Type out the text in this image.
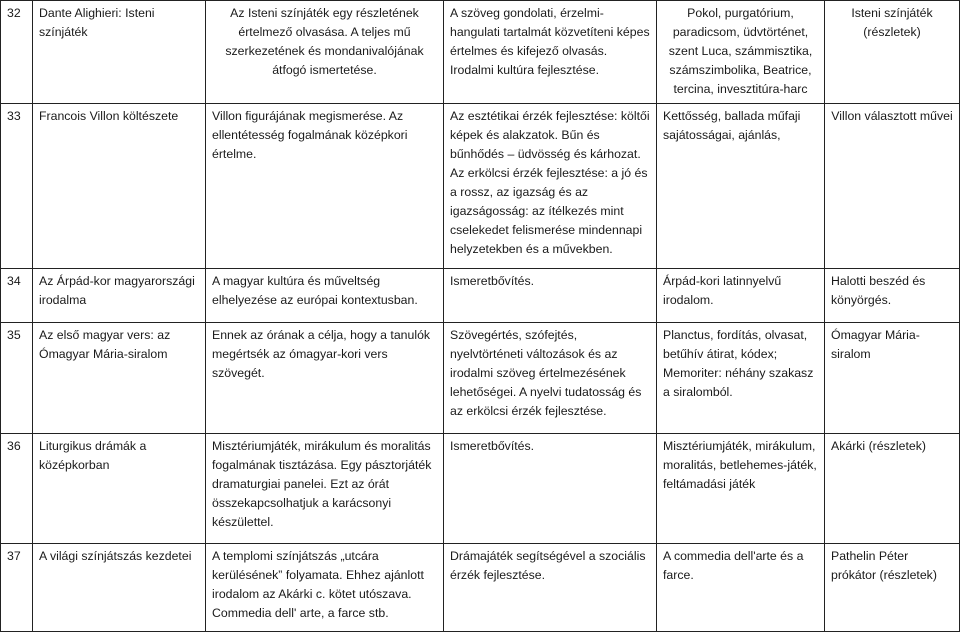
32	Dante Alighieri: Isteni színjáték	Az Isteni színjáték egy részletének értelmező olvasása. A teljes mű szerkezetének és mondanivalójának átfogó ismertetése.	A szöveg gondolati, érzelmi-hangulati tartalmát közvetíteni képes értelmes és kifejező olvasás. Irodalmi kultúra fejlesztése.	Pokol, purgatórium, paradicsom, üdvtörténet, szent Luca, számmisztika, számszimbolika, Beatrice, tercina, invesztitúra-harc	Isteni színjáték (részletek)
33	Francois Villon költészete	Villon figurájának megismerése. Az ellentétesség fogalmának középkori értelme.	Az esztétikai érzék fejlesztése: költői képek és alakzatok. Bűn és bűnhődés – üdvösség és kárhozat. Az erkölcsi érzék fejlesztése: a jó és a rossz, az igazság és az igazságosság: az ítélkezés mint cselekedet felismerése mindennapi helyzetekben és a művekben.	Kettősség, ballada műfaji sajátosságai, ajánlás,	Villon választott művei
34	Az Árpád-kor magyarországi irodalma	A magyar kultúra és műveltség elhelyezése az európai kontextusban.	Ismeretbővítés.	Árpád-kori latinnyelvű irodalom.	Halotti beszéd és könyörgés.
35	Az első magyar vers: az Ómagyar Mária-siralom	Ennek az órának a célja, hogy a tanulók megértsék az ómagyar-kori vers szövegét.	Szövegértés, szófejtés, nyelvtörténeti változások és az irodalmi szöveg értelmezésének lehetőségei. A nyelvi tudatosság és az erkölcsi érzék fejlesztése.	Planctus, fordítás, olvasat, betűhív átirat, kódex; Memoriter: néhány szakasz a siralomból.	Ómagyar Mária-siralom
36	Liturgikus drámák a középkorban	Misztériumjáték, mirákulum és moralitás fogalmának tisztázása. Egy pásztorjáték dramaturgiai panelei. Ezt az órát összekapcsolhatjuk a karácsonyi készülettel.	Ismeretbővítés.	Misztériumjáték, mirákulum, moralitás, betlehemes-játék, feltámadási játék	Akárki (részletek)
37	A világi színjátszás kezdetei	A templomi színjátszás „utcára kerülésének” folyamata. Ehhez ajánlott irodalom az Akárki c. kötet utószava. Commedia dell' arte, a farce stb.	Drámajáték segítségével a szociális érzék fejlesztése.	A commedia dell'arte és a farce.	Pathelin Péter prókátor (részletek)
